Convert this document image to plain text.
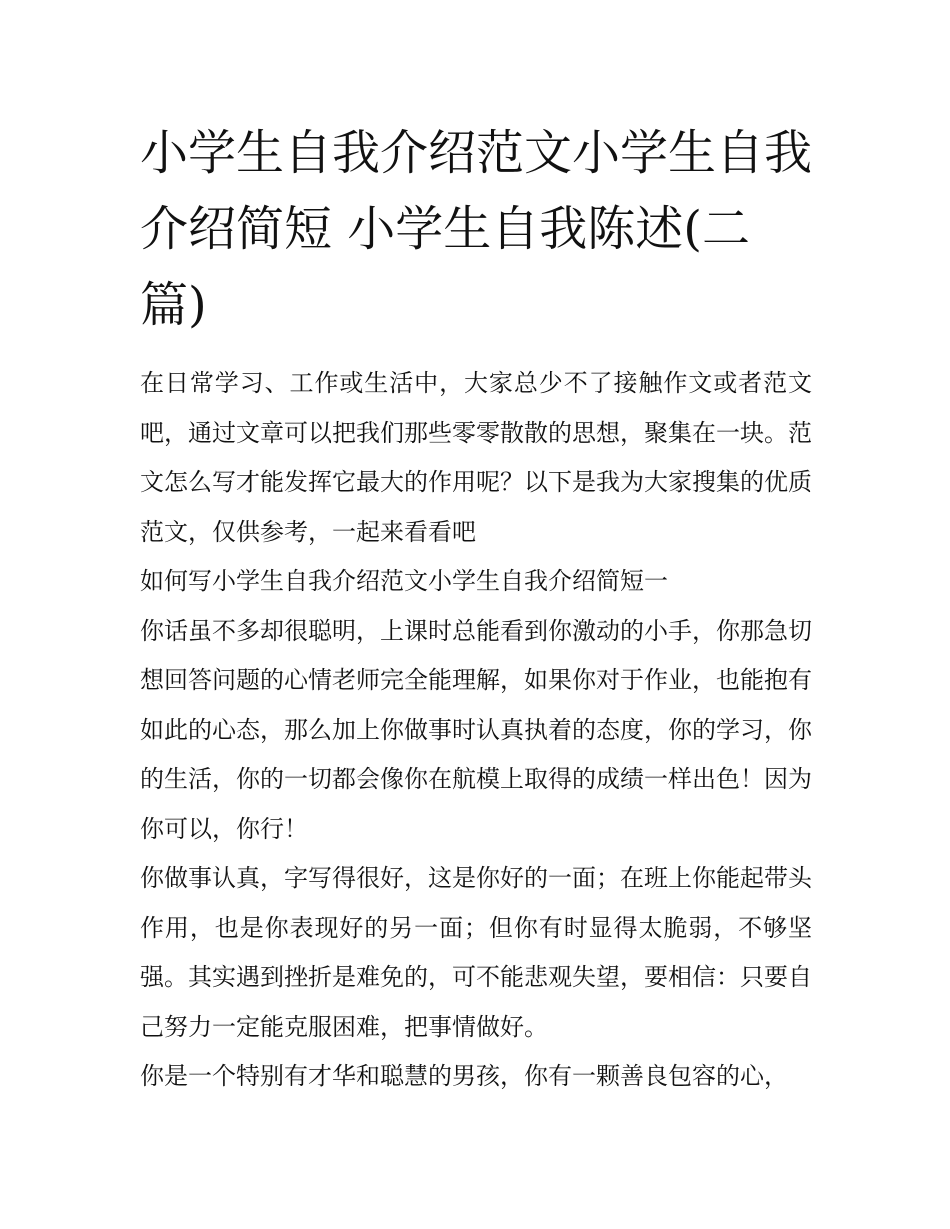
小学生自我介绍范文小学生自我介绍简短 小学生自我陈述(二篇)

在日常学习、工作或生活中，大家总少不了接触作文或者范文吧，通过文章可以把我们那些零零散散的思想，聚集在一块。范文怎么写才能发挥它最大的作用呢？以下是我为大家搜集的优质范文，仅供参考，一起来看看吧

如何写小学生自我介绍范文小学生自我介绍简短一

你话虽不多却很聪明，上课时总能看到你激动的小手，你那急切想回答问题的心情老师完全能理解，如果你对于作业，也能抱有如此的心态，那么加上你做事时认真执着的态度，你的学习，你的生活，你的一切都会像你在航模上取得的成绩一样出色！因为你可以，你行！

你做事认真，字写得很好，这是你好的一面；在班上你能起带头作用，也是你表现好的另一面；但你有时显得太脆弱，不够坚强。其实遇到挫折是难免的，可不能悲观失望，要相信：只要自己努力一定能克服困难，把事情做好。

你是一个特别有才华和聪慧的男孩，你有一颗善良包容的心，
